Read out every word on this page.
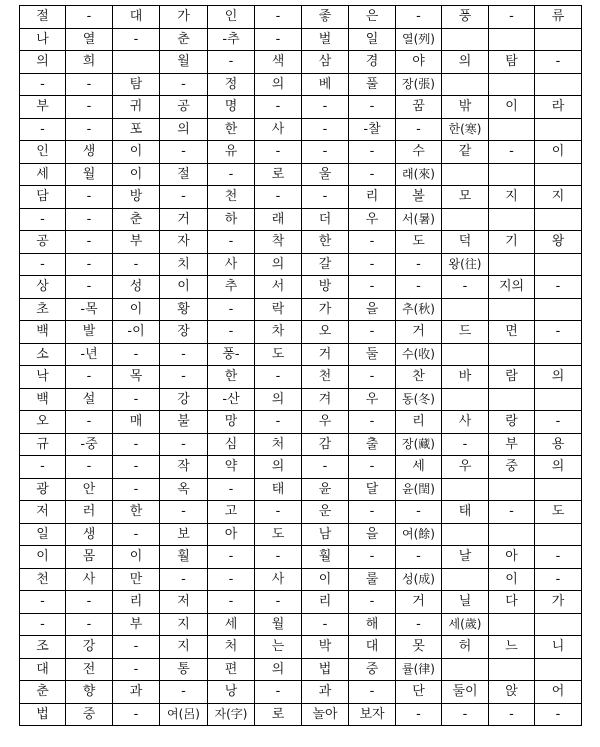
절	-	대	가	인	-	좋	은	-	풍	-	류
나	열	-	춘	-추	-	벌	일	열(列)			
의	희		월	-	색	삼	경	야	의	탐	-
-	-	탐	-	정	의	베	풀	장(張)			
부	-	귀	공	명	-	-	-	꿈	밖	이	라
-	-	포	의	한	사	-	-찰	-	한(寒)		
인	생	이	-	유	-	-	-	수	같	-	이
세	월	이	절	-	로	울	-	래(來)			
담	-	방	-	천	-	-	리	볼	모	지	지
-	-	춘	거	하	래	더	우	서(暑)			
공	-	부	자	-	착	한	-	도	덕	기	왕
-	-	-	치	사	의	갈	-	-	왕(往)		
상	-	성	이	추	서	방	-	-	-	지의	-
초	-목	이	황	-	락	가	을	추(秋)			
백	발	-이	장	-	차	오	-	거	드	면	-
소	-년	-	-	풍-	도	거	둘	수(收)			
낙	-	목	-	한	-	천	-	찬	바	람	의
백	설	-	강	-산	의	겨	우	동(冬)			
오	-	매	불	망	-	우	-	리	사	랑	-
규	-중	-	-	심	처	감	출	장(藏)	-	부	용
-	-	-	작	약	의	-	-	세	우	중	의
광	안	-	옥	-	태	윤	달	윤(閏)			
저	러	한	-	고	-	운	-	-	태	-	도
일	생	-	보	아	도	남	을	여(餘)			
이	몸	이	훨	-	-	훨	-	-	날	아	-
천	사	만	-	-	사	이	룰	성(成)		이	-
-	-	리	저	-	-	리	-	거	닐	다	가
-	-	부	지	세	월	-	해	-	세(歲)		
조	강	-	지	처	는	박	대	못	허	느	니
대	전	-	통	편	의	법	중	률(律)			
춘	향	과	-	낭	-	과	-	단	둘이	앉	어
법	중	-	여(呂)	자(字)	로	놀아	보자	-	-	-	-
